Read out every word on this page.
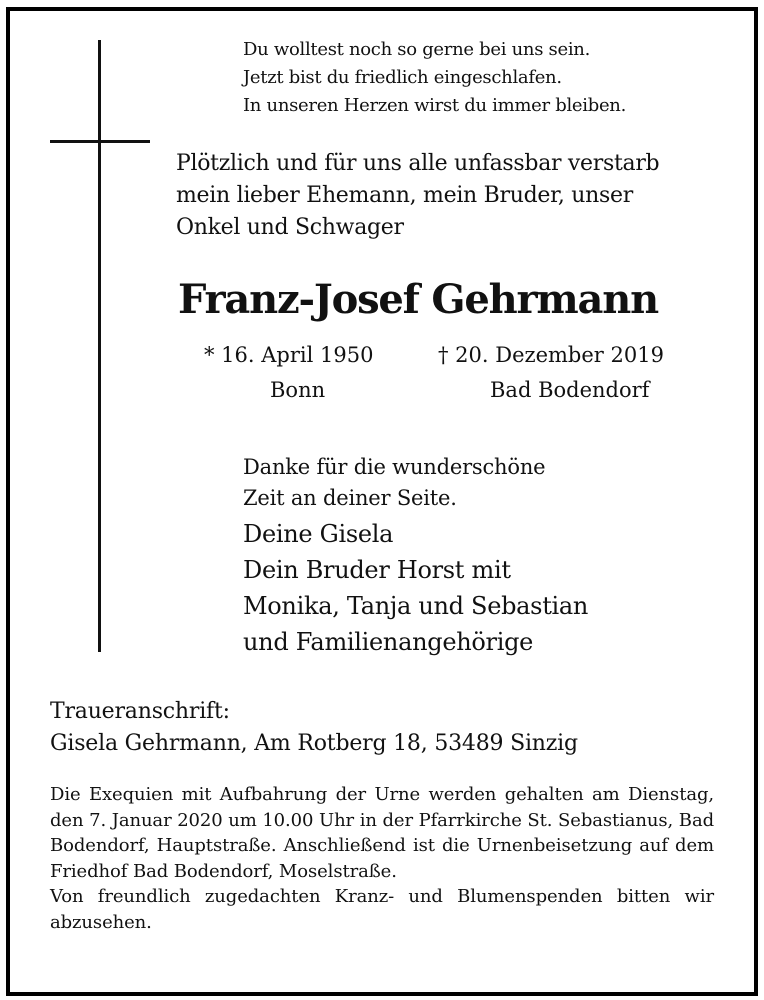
Du wolltest noch so gerne bei uns sein.
Jetzt bist du friedlich eingeschlafen.
In unseren Herzen wirst du immer bleiben.
Plötzlich und für uns alle unfassbar verstarb
mein lieber Ehemann, mein Bruder, unser
Onkel und Schwager
Franz-Josef Gehrmann
* 16. April 1950	† 20. Dezember 2019
Bonn	Bad Bodendorf
Danke für die wunderschöne
Zeit an deiner Seite.
Deine Gisela
Dein Bruder Horst mit
Monika, Tanja und Sebastian
und Familienangehörige
Traueranschrift:
Gisela Gehrmann, Am Rotberg 18, 53489 Sinzig

Die Exequien mit Aufbahrung der Urne werden gehalten am Dienstag, den 7. Januar 2020 um 10.00 Uhr in der Pfarrkirche St. Sebastianus, Bad Bodendorf, Hauptstraße. Anschließend ist die Urnenbeisetzung auf dem Friedhof Bad Bodendorf, Moselstraße.

Von freundlich zugedachten Kranz- und Blumenspenden bitten wir abzusehen.
